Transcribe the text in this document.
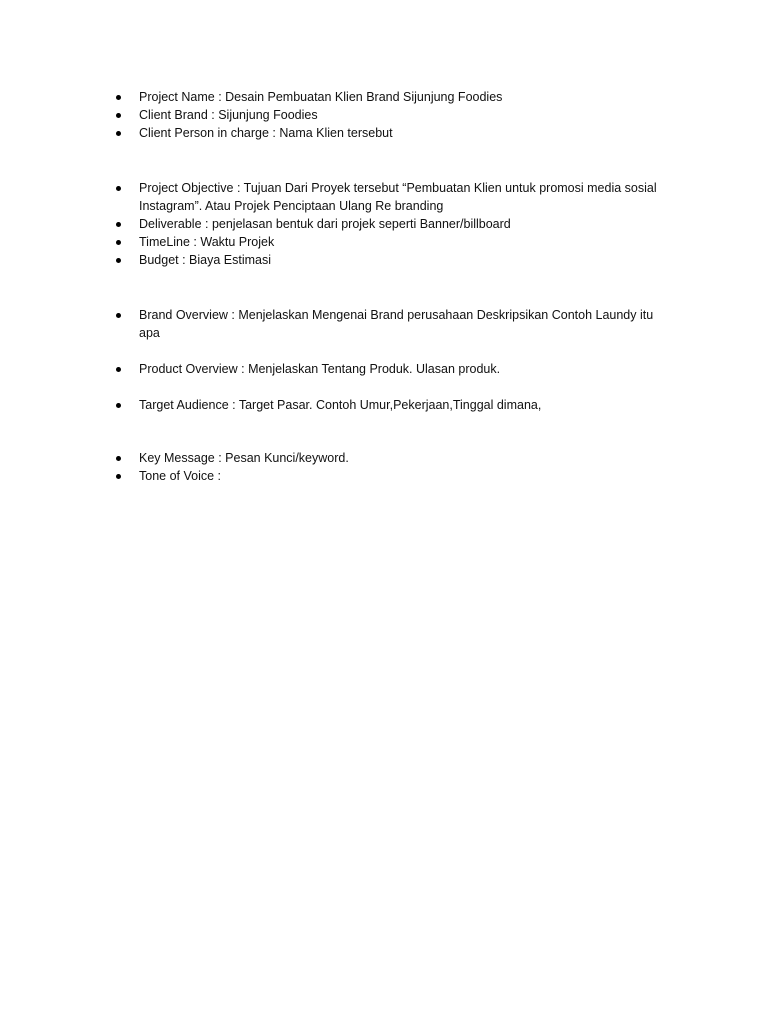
Project Name : Desain Pembuatan Klien Brand Sijunjung Foodies
Client Brand : Sijunjung Foodies
Client Person in charge : Nama Klien tersebut
Project Objective : Tujuan Dari Proyek tersebut “Pembuatan Klien untuk promosi media sosial Instagram”. Atau Projek Penciptaan Ulang Re branding
Deliverable : penjelasan bentuk dari projek seperti Banner/billboard
TimeLine : Waktu Projek
Budget : Biaya Estimasi
Brand Overview : Menjelaskan Mengenai Brand perusahaan Deskripsikan Contoh Laundy itu apa
Product Overview : Menjelaskan Tentang Produk. Ulasan produk.
Target Audience : Target Pasar. Contoh Umur,Pekerjaan,Tinggal dimana,
Key Message : Pesan Kunci/keyword.
Tone of Voice :
